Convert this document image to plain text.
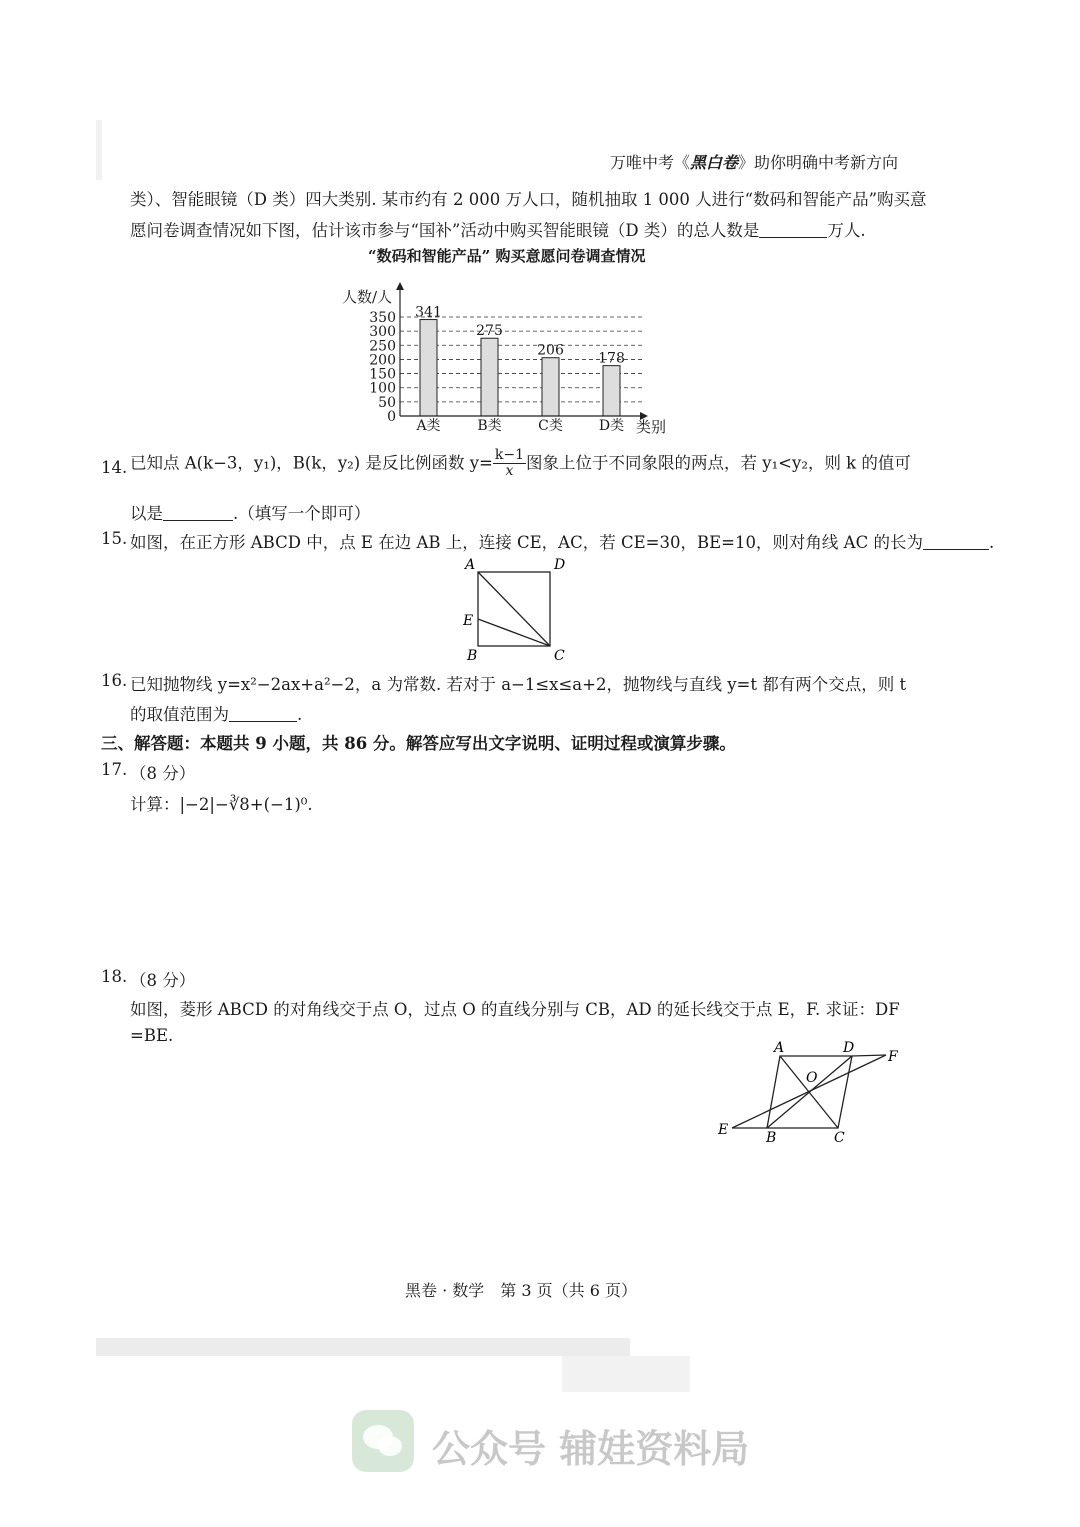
万唯中考《黑白卷》助你明确中考新方向
类）、智能眼镜（D 类）四大类别. 某市约有 2 000 万人口，随机抽取 1 000 人进行“数码和智能产品”购买意
愿问卷调查情况如下图，估计该市参与“国补”活动中购买智能眼镜（D 类）的总人数是	万人.
“数码和智能产品” 购买意愿问卷调查情况
0
50
100
150
200
250
300
350 341
275
206 178
A类	B类	C类	D类
人数/人
类别
14. 已知点 A(k−3，y₁)，B(k，y₂) 是反比例函数 $y= \frac{k-1}{x}$ 图象上位于不同象限的两点，若 y₁<y₂，则 k 的值可
以是	.（填写一个即可）
15. 如图，在正方形 ABCD 中，点 E 在边 AB 上，连接 CE，AC，若 CE=30，BE=10，则对角线 AC 的长为	.
A	D
E
B	C
16. 已知抛物线 y=x²−2ax+a²−2，a 为常数. 若对于 a−1≤x≤a+2，抛物线与直线 y=t 都有两个交点，则 t
的取值范围为	.
三、解答题：本题共 9 小题，共 86 分。解答应写出文字说明、证明过程或演算步骤。
17. （8 分）
计算：|−2|−∛8+(−1)⁰.
18. （8 分）
如图，菱形 ABCD 的对角线交于点 O，过点 O 的直线分别与 CB，AD 的延长线交于点 E，F. 求证：DF
=BE.
A	D
F
O
E	B	C
黑卷 · 数学　第 3 页（共 6 页）
公众号 辅娃资料局
